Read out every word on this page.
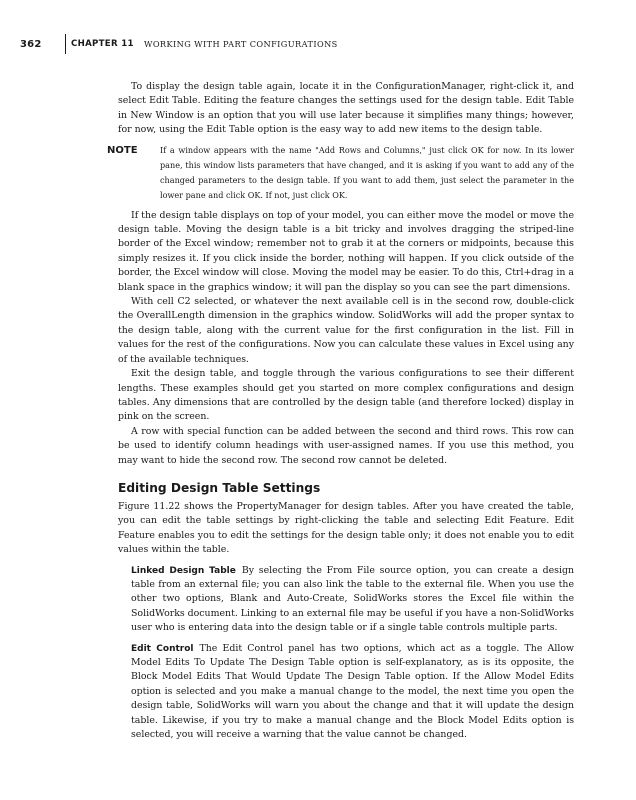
362	CHAPTER 11 WORKING WITH PART CONFIGURATIONS

To display the design table again, locate it in the ConfigurationManager, right-click it, and select Edit Table. Editing the feature changes the settings used for the design table. Edit Table in New Window is an option that you will use later because it simplifies many things; however, for now, using the Edit Table option is the easy way to add new items to the design table.

NOTE	If a window appears with the name "Add Rows and Columns," just click OK for now. In its lower pane, this window lists parameters that have changed, and it is asking if you want to add any of the changed parameters to the design table. If you want to add them, just select the parameter in the lower pane and click OK. If not, just click OK.

If the design table displays on top of your model, you can either move the model or move the design table. Moving the design table is a bit tricky and involves dragging the striped-line border of the Excel window; remember not to grab it at the corners or midpoints, because this simply resizes it. If you click inside the border, nothing will happen. If you click outside of the border, the Excel window will close. Moving the model may be easier. To do this, Ctrl+drag in a blank space in the graphics window; it will pan the display so you can see the part dimensions.

With cell C2 selected, or whatever the next available cell is in the second row, double-click the OverallLength dimension in the graphics window. SolidWorks will add the proper syntax to the design table, along with the current value for the first configuration in the list. Fill in values for the rest of the configurations. Now you can calculate these values in Excel using any of the available techniques.

Exit the design table, and toggle through the various configurations to see their different lengths. These examples should get you started on more complex configurations and design tables. Any dimensions that are controlled by the design table (and therefore locked) display in pink on the screen.

A row with special function can be added between the second and third rows. This row can be used to identify column headings with user-assigned names. If you use this method, you may want to hide the second row. The second row cannot be deleted.

Editing Design Table Settings

Figure 11.22 shows the PropertyManager for design tables. After you have created the table, you can edit the table settings by right-clicking the table and selecting Edit Feature. Edit Feature enables you to edit the settings for the design table only; it does not enable you to edit values within the table.

Linked Design Table By selecting the From File source option, you can create a design table from an external file; you can also link the table to the external file. When you use the other two options, Blank and Auto-Create, SolidWorks stores the Excel file within the SolidWorks document. Linking to an external file may be useful if you have a non-SolidWorks user who is entering data into the design table or if a single table controls multiple parts.

Edit Control The Edit Control panel has two options, which act as a toggle. The Allow Model Edits To Update The Design Table option is self-explanatory, as is its opposite, the Block Model Edits That Would Update The Design Table option. If the Allow Model Edits option is selected and you make a manual change to the model, the next time you open the design table, SolidWorks will warn you about the change and that it will update the design table. Likewise, if you try to make a manual change and the Block Model Edits option is selected, you will receive a warning that the value cannot be changed.
